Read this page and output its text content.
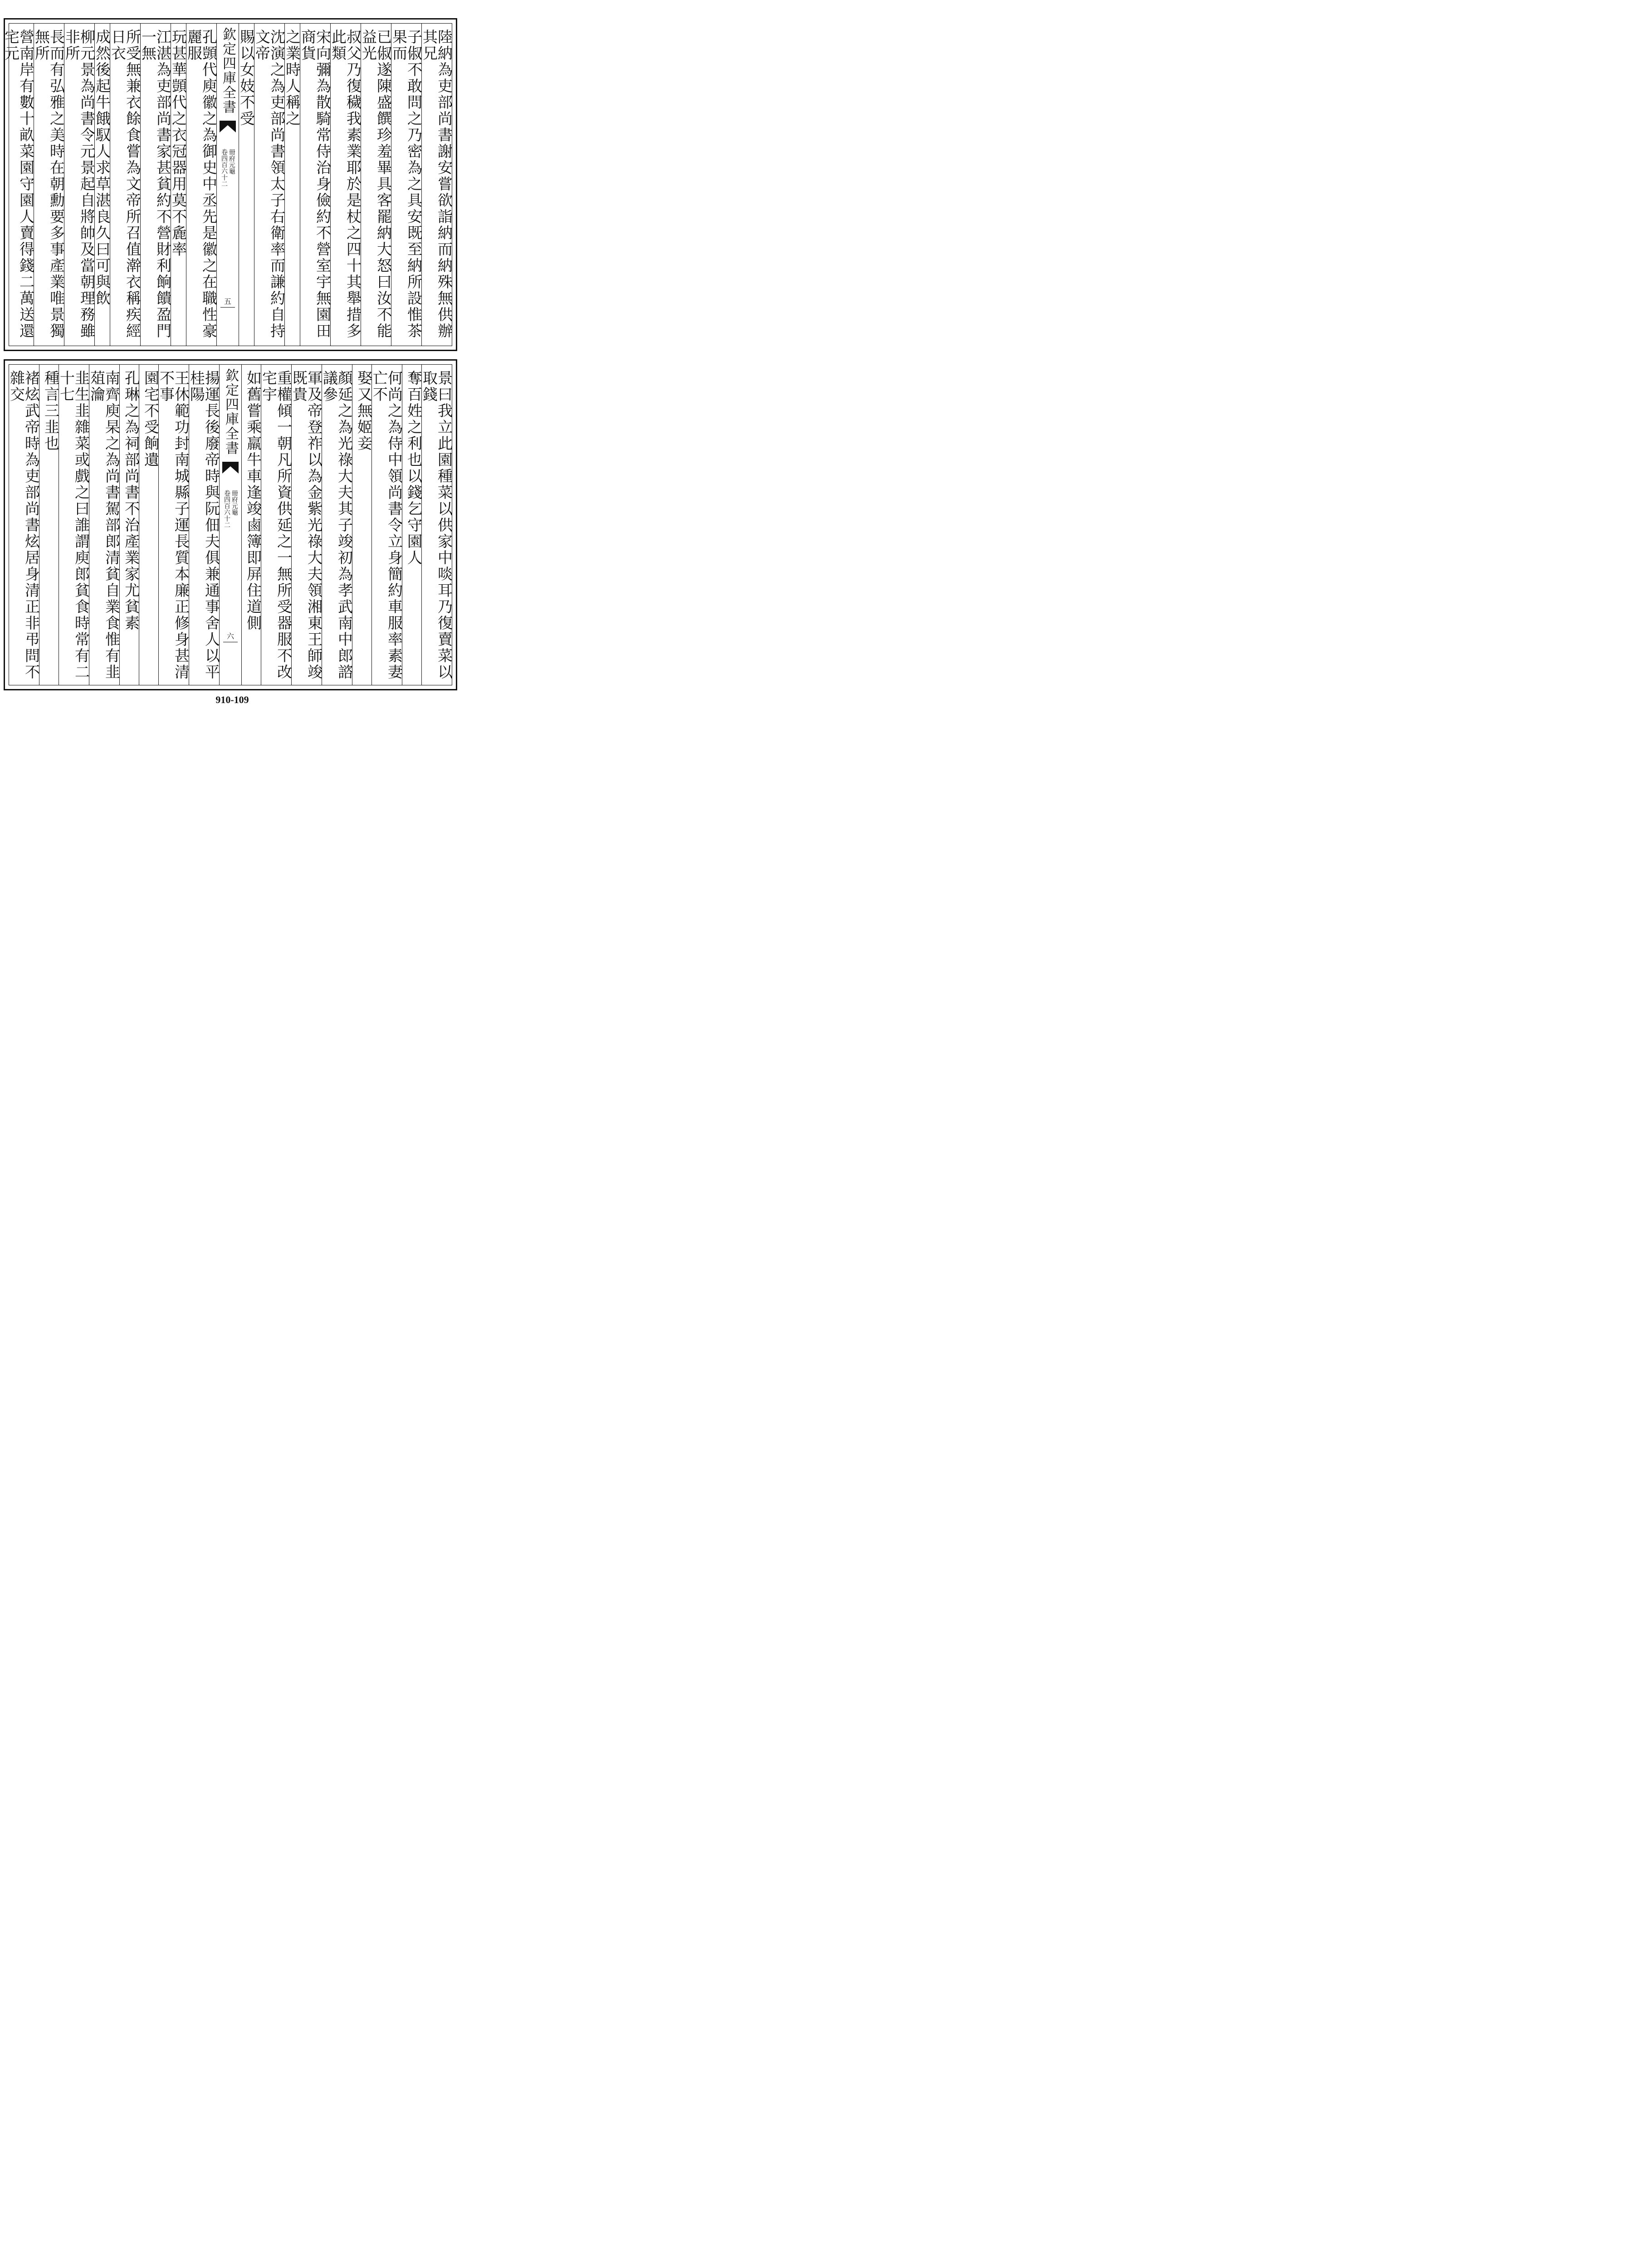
陸納為吏部尚書謝安嘗欲詣納而納殊無供辦其兄
子俶不敢問之乃密為之具安既至納所設惟茶果而
已俶遂陳盛饌珍羞畢具客罷納大怒曰汝不能益光
叔父乃復穢我素業耶於是杖之四十其舉措多此類
宋向彌為散騎常侍治身儉約不營室宇無園田商貨
之業時人稱之
沈演之為吏部尚書領太子右衛率而謙約自持文帝
賜以女妓不受
欽定四庫全書
冊府元龜
卷四百六十二
五
孔顗代庾徽之為御史中丞先是徽之在職性豪麗服
玩甚華顗代之衣冠器用莫不麁率
江湛為吏部尚書家甚貧約不營財利餉饋盈門一無
所受無兼衣餘食嘗為文帝所召值澣衣稱疾經日衣
成然後起牛餓馭人求草湛良久曰可與飲
柳元景為尚書令元景起自將帥及當朝理務雖非所
長而有弘雅之美時在朝勳要多事產業唯景獨無所
營南岸有數十畝菜園守園人賣得錢二萬送還宅元
景曰我立此園種菜以供家中啖耳乃復賣菜以取錢
奪百姓之利也以錢乞守園人
何尚之為侍中領尚書令立身簡約車服率素妻亡不
娶又無姬妾
顏延之為光祿大夫其子竣初為孝武南中郎諮議參
軍及帝登祚以為金紫光祿大夫領湘東王師竣既貴
重權傾一朝凡所資供延之一無所受器服不改宅宇
如舊嘗乘羸牛車逢竣鹵簿即屏住道側
欽定四庫全書
冊府元龜
卷四百六十二
六
揚運長後廢帝時與阮佃夫俱兼通事舍人以平桂陽
王休範功封南城縣子運長質本廉正修身甚清不事
園宅不受餉遺
孔琳之為祠部尚書不治產業家尤貧素
南齊庾杲之為尚書駕部郎清貧自業食惟有韭葅瀹
韭生韭雜菜或戲之曰誰謂庾郎貧食時常有二十七
種言三韭也
褚炫武帝時為吏部尚書炫居身清正非弔問不雜交
910-109
